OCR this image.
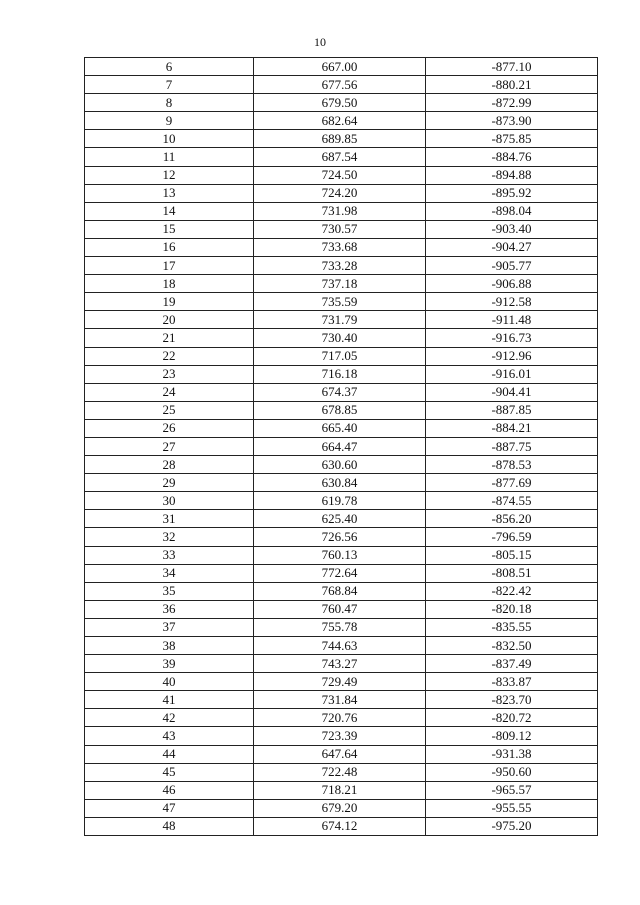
10
6	667.00	-877.10
7	677.56	-880.21
8	679.50	-872.99
9	682.64	-873.90
10	689.85	-875.85
11	687.54	-884.76
12	724.50	-894.88
13	724.20	-895.92
14	731.98	-898.04
15	730.57	-903.40
16	733.68	-904.27
17	733.28	-905.77
18	737.18	-906.88
19	735.59	-912.58
20	731.79	-911.48
21	730.40	-916.73
22	717.05	-912.96
23	716.18	-916.01
24	674.37	-904.41
25	678.85	-887.85
26	665.40	-884.21
27	664.47	-887.75
28	630.60	-878.53
29	630.84	-877.69
30	619.78	-874.55
31	625.40	-856.20
32	726.56	-796.59
33	760.13	-805.15
34	772.64	-808.51
35	768.84	-822.42
36	760.47	-820.18
37	755.78	-835.55
38	744.63	-832.50
39	743.27	-837.49
40	729.49	-833.87
41	731.84	-823.70
42	720.76	-820.72
43	723.39	-809.12
44	647.64	-931.38
45	722.48	-950.60
46	718.21	-965.57
47	679.20	-955.55
48	674.12	-975.20
